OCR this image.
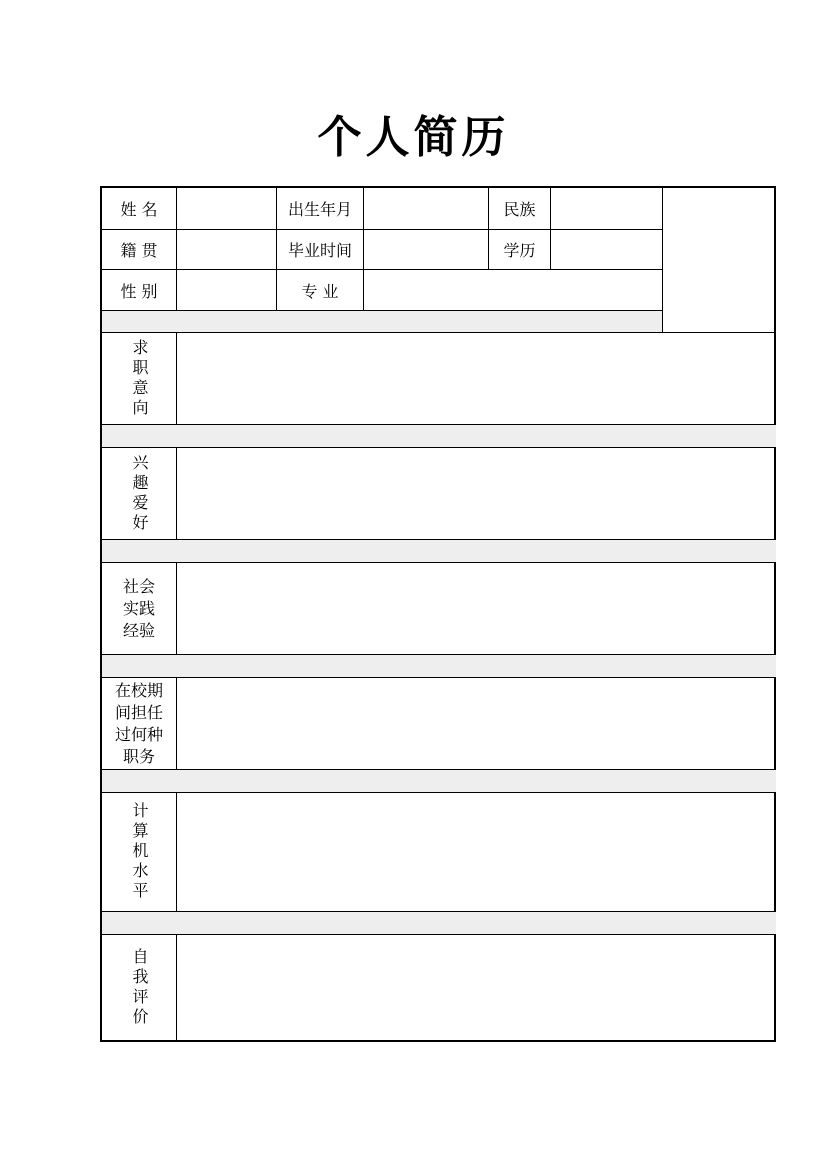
个人简历
姓 名	出生年月	民族
籍 贯	毕业时间	学历
性 别	专 业
求职意向
兴趣爱好
社会实践经验
在校期间担任过何种职务
计算机水平
自我评价
